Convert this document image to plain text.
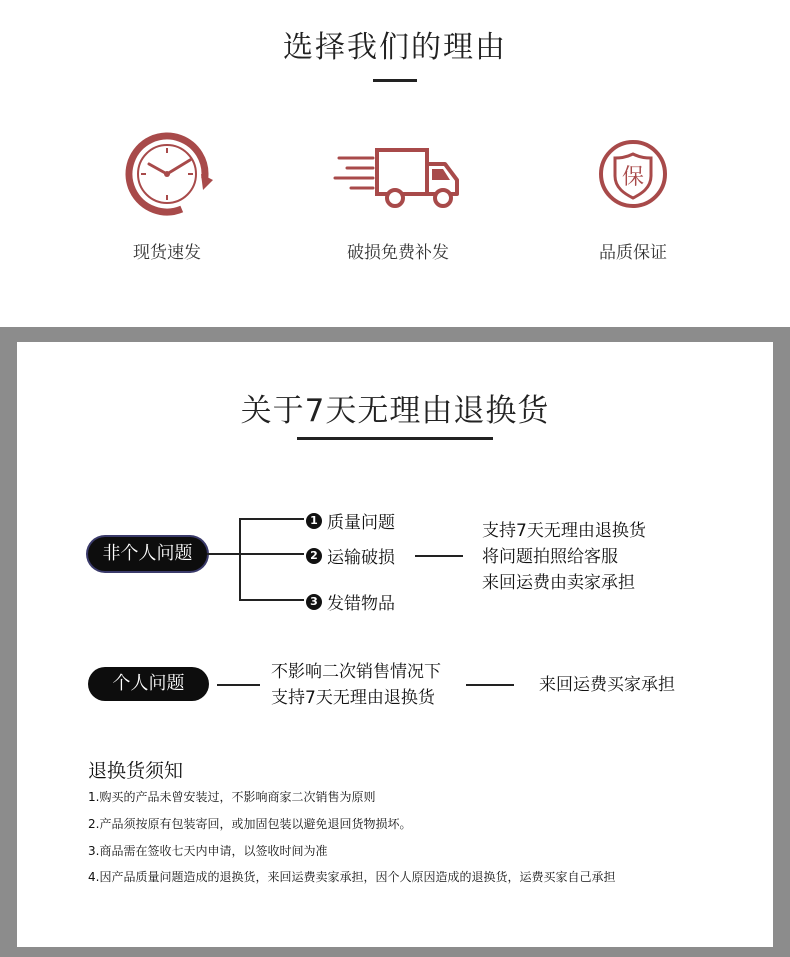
选择我们的理由
现货速发	破损免费补发
保
品质保证
关于7天无理由退换货
非个人问题
1 质量问题
2 运输破损
3 发错物品
支持7天无理由退换货
将问题拍照给客服
来回运费由卖家承担
个人问题
不影响二次销售情况下
支持7天无理由退换货
来回运费买家承担
退换货须知
1.购买的产品未曾安装过，不影响商家二次销售为原则
2.产品须按原有包装寄回，或加固包装以避免退回货物损坏。
3.商品需在签收七天内申请，以签收时间为准
4.因产品质量问题造成的退换货，来回运费卖家承担，因个人原因造成的退换货，运费买家自己承担
